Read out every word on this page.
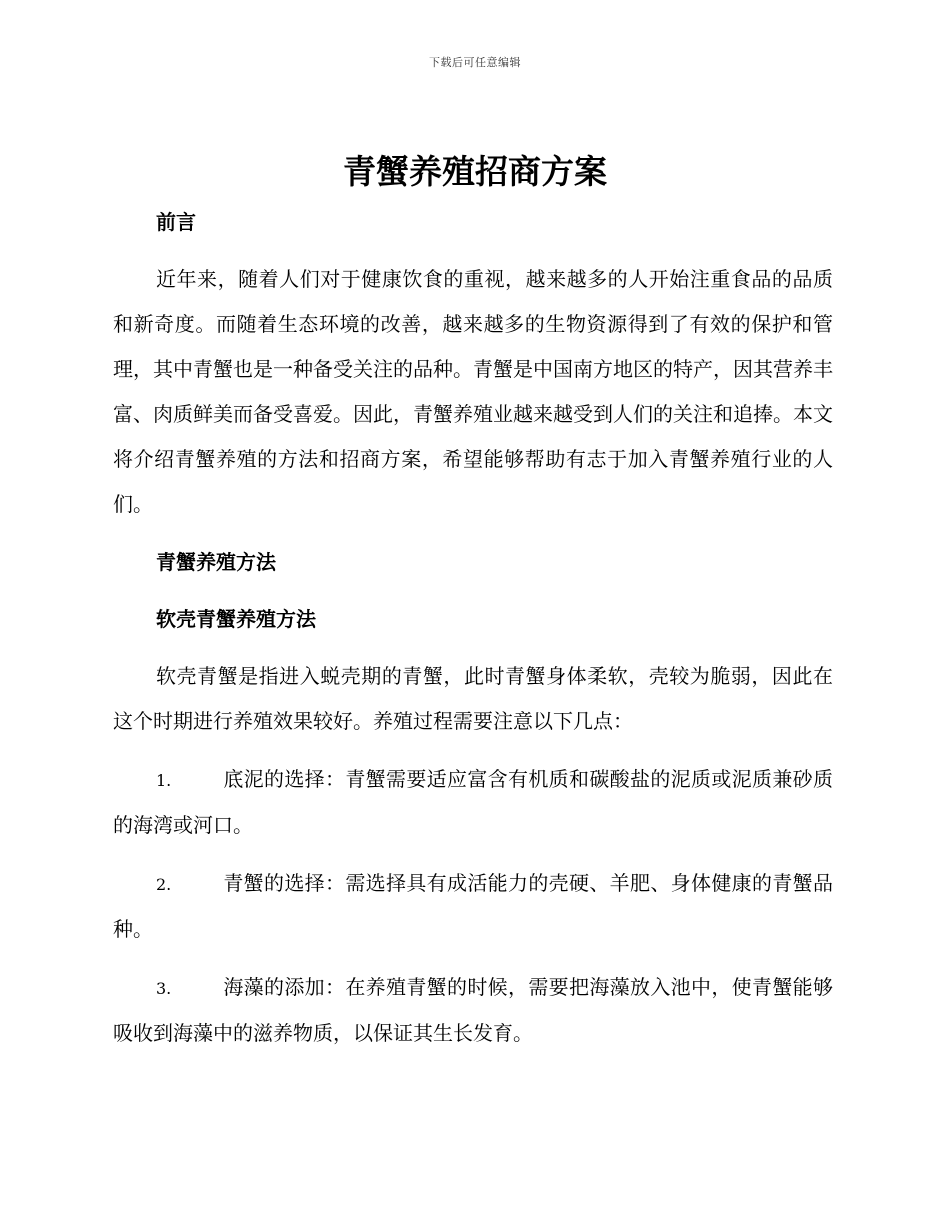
下载后可任意编辑
青蟹养殖招商方案

前言

近年来，随着人们对于健康饮食的重视，越来越多的人开始注重食品的品质和新奇度。而随着生态环境的改善，越来越多的生物资源得到了有效的保护和管理，其中青蟹也是一种备受关注的品种。青蟹是中国南方地区的特产，因其营养丰富、肉质鲜美而备受喜爱。因此，青蟹养殖业越来越受到人们的关注和追捧。本文将介绍青蟹养殖的方法和招商方案，希望能够帮助有志于加入青蟹养殖行业的人们。

青蟹养殖方法

软壳青蟹养殖方法

软壳青蟹是指进入蜕壳期的青蟹，此时青蟹身体柔软，壳较为脆弱，因此在这个时期进行养殖效果较好。养殖过程需要注意以下几点：

1.	底泥的选择：青蟹需要适应富含有机质和碳酸盐的泥质或泥质兼砂质的海湾或河口。

2.	青蟹的选择：需选择具有成活能力的壳硬、羊肥、身体健康的青蟹品种。

3.	海藻的添加：在养殖青蟹的时候，需要把海藻放入池中，使青蟹能够吸收到海藻中的滋养物质，以保证其生长发育。
